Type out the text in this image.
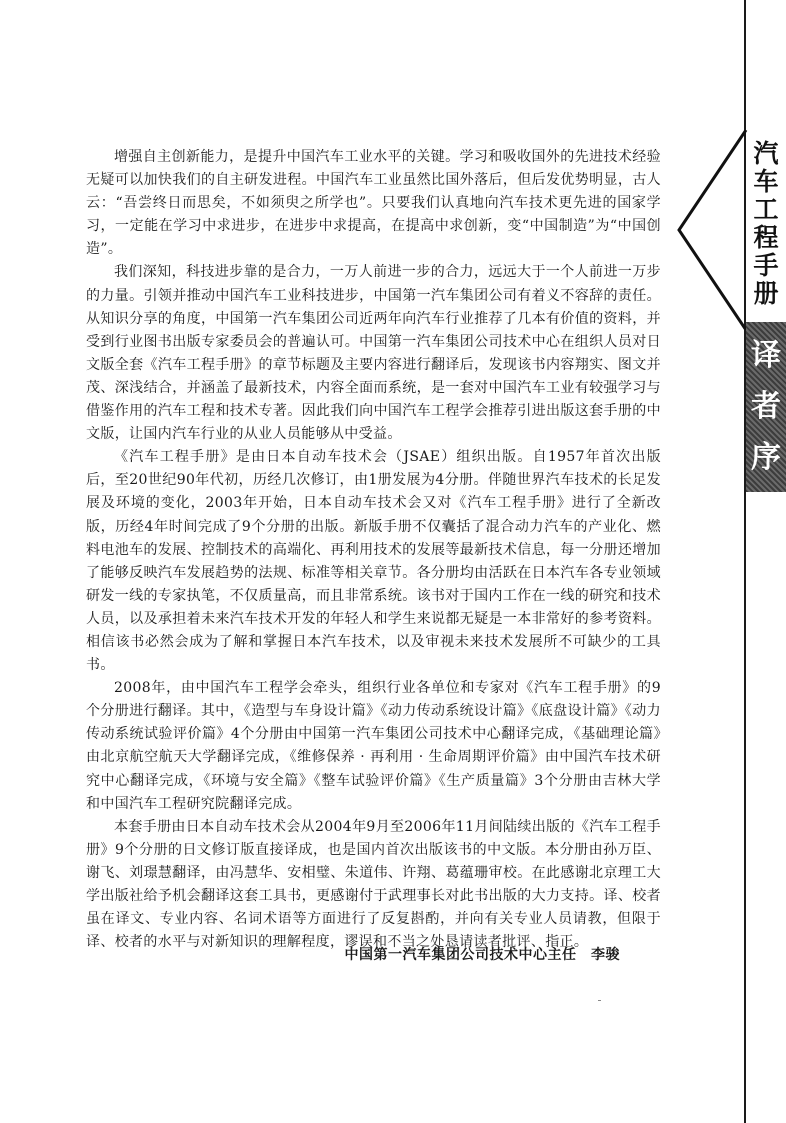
汽车工程手册
译者序

增强自主创新能力，是提升中国汽车工业水平的关键。学习和吸收国外的先进技术经验无疑可以加快我们的自主研发进程。中国汽车工业虽然比国外落后，但后发优势明显，古人云：“吾尝终日而思矣，不如须臾之所学也”。只要我们认真地向汽车技术更先进的国家学习，一定能在学习中求进步，在进步中求提高，在提高中求创新，变“中国制造”为“中国创造”。

我们深知，科技进步靠的是合力，一万人前进一步的合力，远远大于一个人前进一万步的力量。引领并推动中国汽车工业科技进步，中国第一汽车集团公司有着义不容辞的责任。从知识分享的角度，中国第一汽车集团公司近两年向汽车行业推荐了几本有价值的资料，并受到行业图书出版专家委员会的普遍认可。中国第一汽车集团公司技术中心在组织人员对日文版全套《汽车工程手册》的章节标题及主要内容进行翻译后，发现该书内容翔实、图文并茂、深浅结合，并涵盖了最新技术，内容全面而系统，是一套对中国汽车工业有较强学习与借鉴作用的汽车工程和技术专著。因此我们向中国汽车工程学会推荐引进出版这套手册的中文版，让国内汽车行业的从业人员能够从中受益。

《汽车工程手册》是由日本自动车技术会（JSAE）组织出版。自1957年首次出版后，至20世纪90年代初，历经几次修订，由1册发展为4分册。伴随世界汽车技术的长足发展及环境的变化，2003年开始，日本自动车技术会又对《汽车工程手册》进行了全新改版，历经4年时间完成了9个分册的出版。新版手册不仅囊括了混合动力汽车的产业化、燃料电池车的发展、控制技术的高端化、再利用技术的发展等最新技术信息，每一分册还增加了能够反映汽车发展趋势的法规、标准等相关章节。各分册均由活跃在日本汽车各专业领域研发一线的专家执笔，不仅质量高，而且非常系统。该书对于国内工作在一线的研究和技术人员，以及承担着未来汽车技术开发的年轻人和学生来说都无疑是一本非常好的参考资料。相信该书必然会成为了解和掌握日本汽车技术，以及审视未来技术发展所不可缺少的工具书。

2008年，由中国汽车工程学会牵头，组织行业各单位和专家对《汽车工程手册》的9个分册进行翻译。其中，《造型与车身设计篇》《动力传动系统设计篇》《底盘设计篇》《动力传动系统试验评价篇》4个分册由中国第一汽车集团公司技术中心翻译完成，《基础理论篇》由北京航空航天大学翻译完成，《维修保养 · 再利用 · 生命周期评价篇》由中国汽车技术研究中心翻译完成，《环境与安全篇》《整车试验评价篇》《生产质量篇》3个分册由吉林大学和中国汽车工程研究院翻译完成。

本套手册由日本自动车技术会从2004年9月至2006年11月间陆续出版的《汽车工程手册》9个分册的日文修订版直接译成，也是国内首次出版该书的中文版。本分册由孙万臣、谢飞、刘璟慧翻译，由冯慧华、安相璧、朱道伟、许翔、葛蕴珊审校。在此感谢北京理工大学出版社给予机会翻译这套工具书，更感谢付于武理事长对此书出版的大力支持。译、校者虽在译文、专业内容、名词术语等方面进行了反复斟酌，并向有关专业人员请教，但限于译、校者的水平与对新知识的理解程度，谬误和不当之处恳请读者批评、指正。

中国第一汽车集团公司技术中心主任　李骏
